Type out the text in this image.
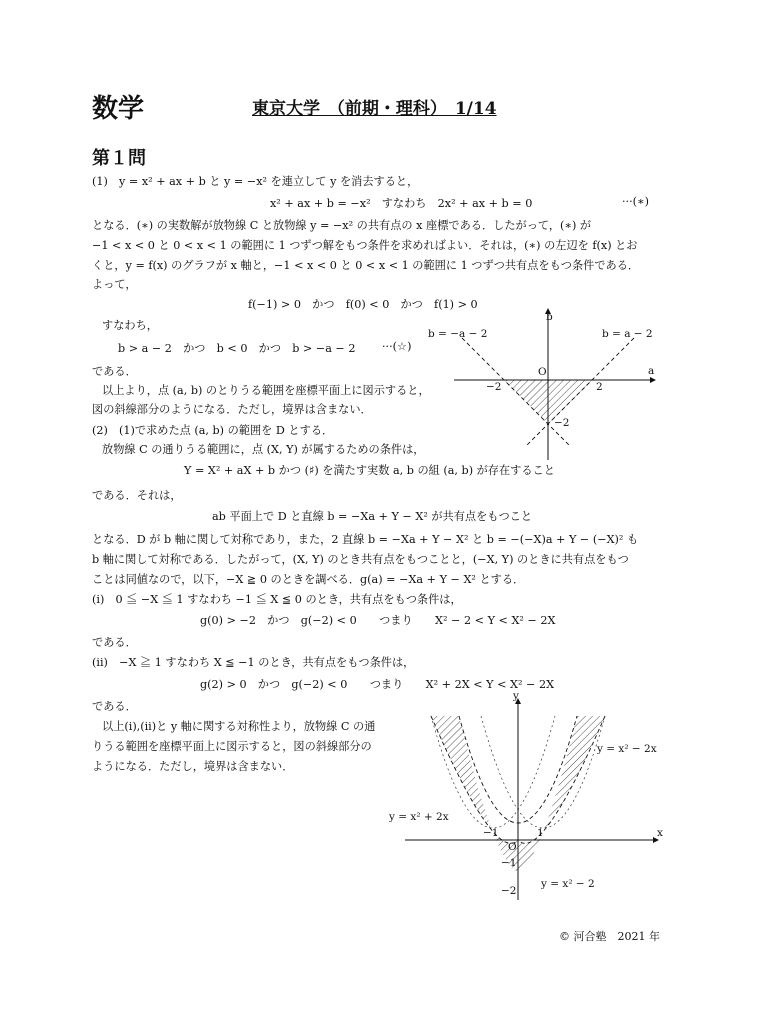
数学	東京大学 （前期・理科） 1/14
第１問
(1)　y = x² + ax + b と y = −x² を連立して y を消去すると，
x² + ax + b = −x²　すなわち　2x² + ax + b = 0	···(∗)
となる．(∗) の実数解が放物線 C と放物線 y = −x² の共有点の x 座標である．したがって，(∗) が
−1 < x < 0 と 0 < x < 1 の範囲に 1 つずつ解をもつ条件を求めればよい．それは，(∗) の左辺を f(x) とお
くと，y = f(x) のグラフが x 軸と，−1 < x < 0 と 0 < x < 1 の範囲に 1 つずつ共有点をもつ条件である．
よって，
f(−1) > 0　かつ　f(0) < 0　かつ　f(1) > 0
すなわち，
b > a − 2　かつ　b < 0　かつ　b > −a − 2 ···(☆)
である．
以上より，点 (a, b) のとりうる範囲を座標平面上に図示すると，
図の斜線部分のようになる．ただし，境界は含まない．
b = −a − 2	b = a − 2
b
a
O
−2	2
−2
(2)　(1)で求めた点 (a, b) の範囲を D とする．
放物線 C の通りうる範囲に，点 (X, Y) が属するための条件は，
Y = X² + aX + b かつ (♯) を満たす実数 a, b の組 (a, b) が存在すること
である．それは，
ab 平面上で D と直線 b = −Xa + Y − X² が共有点をもつこと
となる．D が b 軸に関して対称であり，また，2 直線 b = −Xa + Y − X² と b = −(−X)a + Y − (−X)² も
b 軸に関して対称である．したがって，(X, Y) のとき共有点をもつことと，(−X, Y) のときに共有点をもつ
ことは同値なので，以下，−X ≧ 0 のときを調べる．g(a) = −Xa + Y − X² とする．
(i)　0 ≦ −X ≦ 1 すなわち −1 ≦ X ≦ 0 のとき，共有点をもつ条件は，
g(0) > −2　かつ　g(−2) < 0　　つまり　　X² − 2 < Y < X² − 2X
である．
(ii)　−X ≧ 1 すなわち X ≦ −1 のとき，共有点をもつ条件は，
g(2) > 0　かつ　g(−2) < 0　　つまり　　X² + 2X < Y < X² − 2X
である．
以上(i),(ii)と y 軸に関する対称性より，放物線 C の通
りうる範囲を座標平面上に図示すると，図の斜線部分の
ようになる．ただし，境界は含まない．
y
x
O
y = x² − 2x
y = x² + 2x
y = x² − 2
−1	1
−1
−2
© 河合塾　2021 年
